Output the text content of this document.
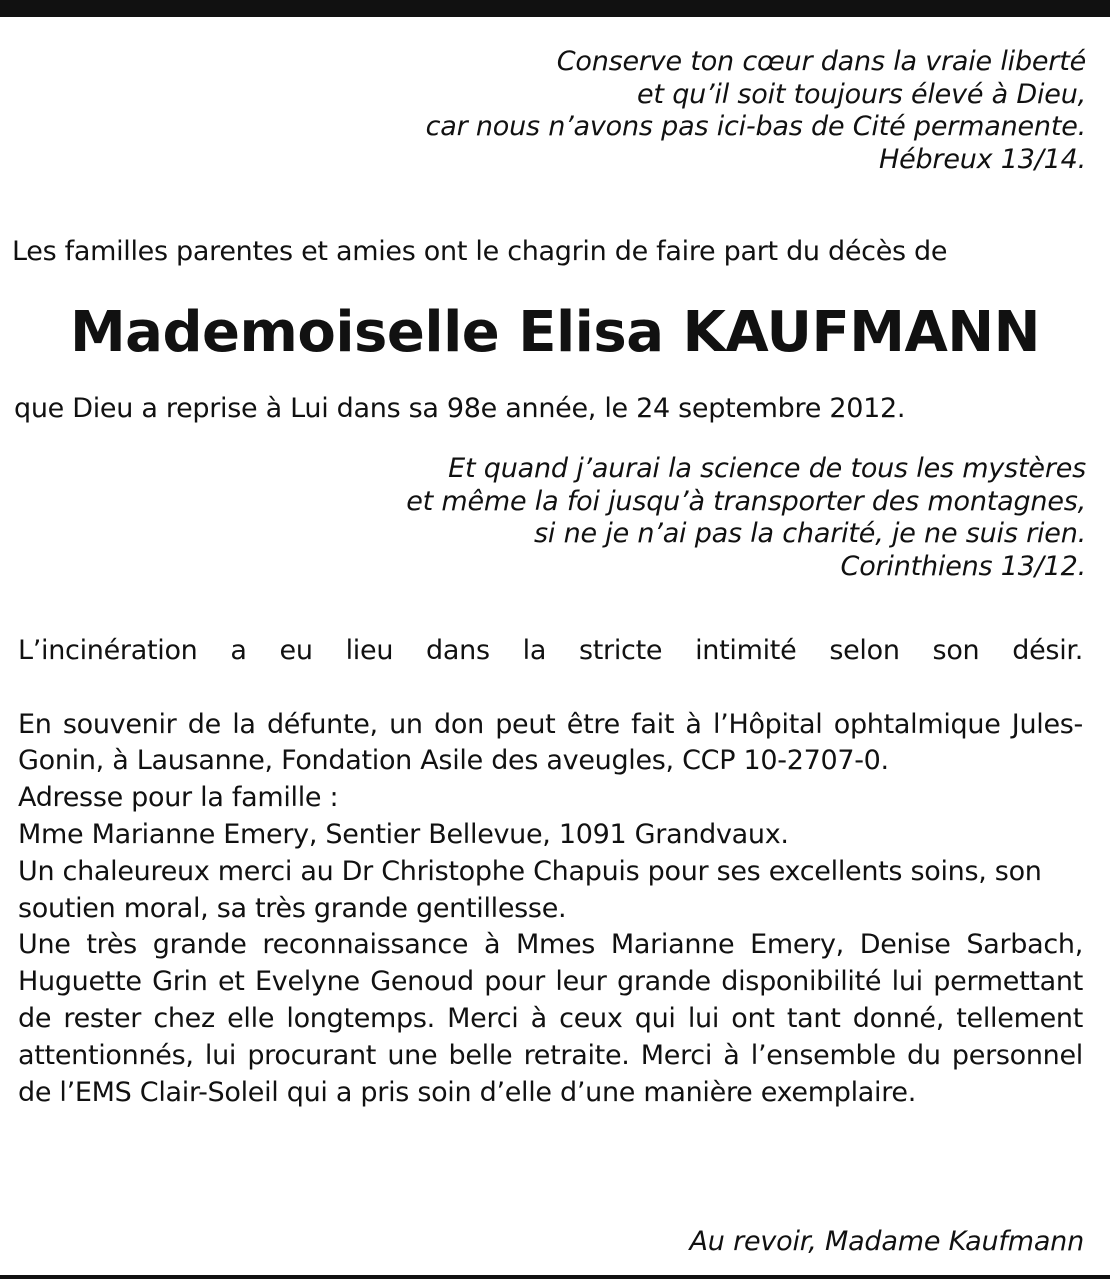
Conserve ton cœur dans la vraie liberté
et qu’il soit toujours élevé à Dieu,
car nous n’avons pas ici-bas de Cité permanente.
Hébreux 13/14.
Les familles parentes et amies ont le chagrin de faire part du décès de
Mademoiselle Elisa KAUFMANN
que Dieu a reprise à Lui dans sa 98e année, le 24 septembre 2012.
Et quand j’aurai la science de tous les mystères
et même la foi jusqu’à transporter des montagnes,
si ne je n’ai pas la charité, je ne suis rien.
Corinthiens 13/12.

L’incinération a eu lieu dans la stricte intimité selon son désir.

En souvenir de la défunte, un don peut être fait à l’Hôpital ophtalmique Jules-Gonin, à Lausanne, Fondation Asile des aveugles, CCP 10-2707-0.

Adresse pour la famille :

Mme Marianne Emery, Sentier Bellevue, 1091 Grandvaux.

Un chaleureux merci au Dr Christophe Chapuis pour ses excellents soins, son soutien moral, sa très grande gentillesse.

Une très grande reconnaissance à Mmes Marianne Emery, Denise Sarbach, Huguette Grin et Evelyne Genoud pour leur grande disponibilité lui permettant de rester chez elle longtemps. Merci à ceux qui lui ont tant donné, tellement attentionnés, lui procurant une belle retraite. Merci à l’ensemble du personnel de l’EMS Clair-Soleil qui a pris soin d’elle d’une manière exemplaire.

Au revoir, Madame Kaufmann
